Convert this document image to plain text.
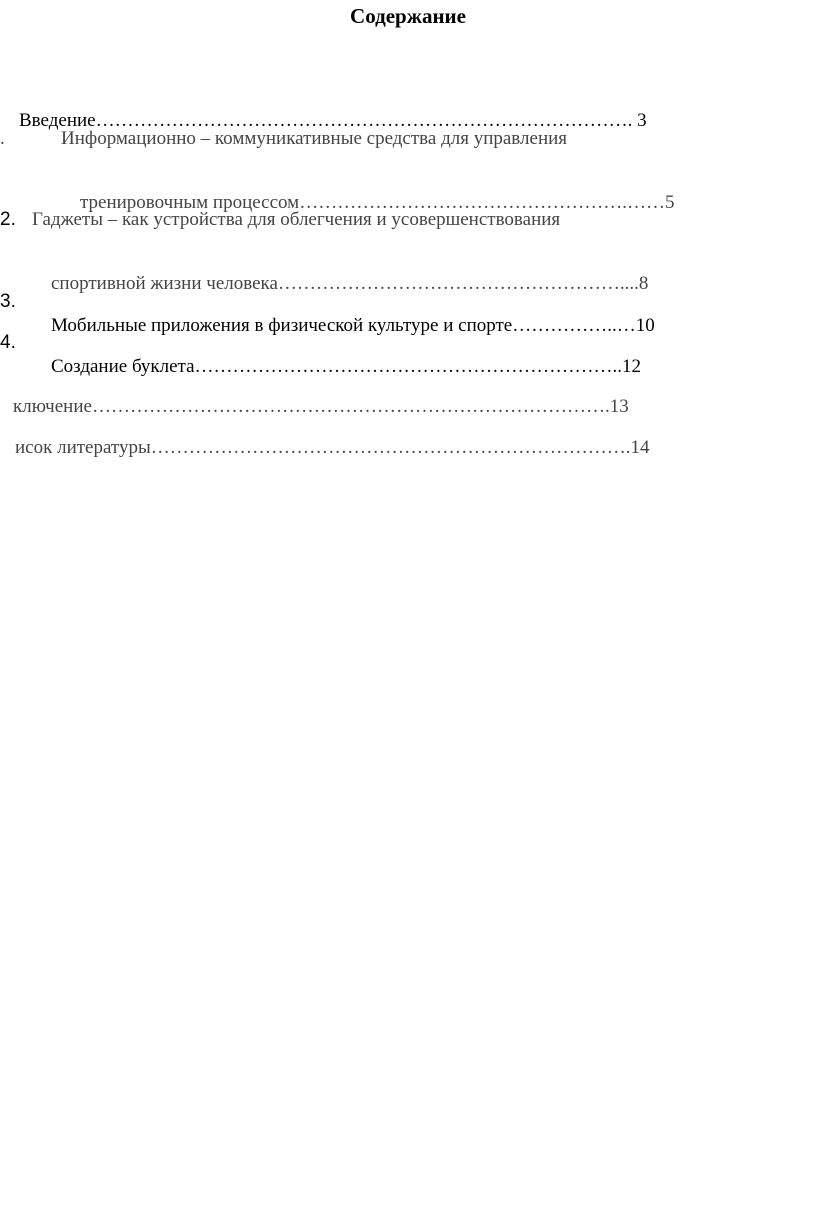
Содержание

Введение…………………………………………………………………………. 3

.	Информационно – коммуникативные средства для управления

тренировочным процессом…………………………………………….……5

2. Гаджеты – как устройства для облегчения и усовершенствования

спортивной жизни человека………………………………………………....8

3.

Мобильные приложения в физической культуре и спорте……………..…10

4.

Создание буклета…………………………………………………………..12

ключение……………………………………………………………………….13

исок литературы………………………………………………………………….14
